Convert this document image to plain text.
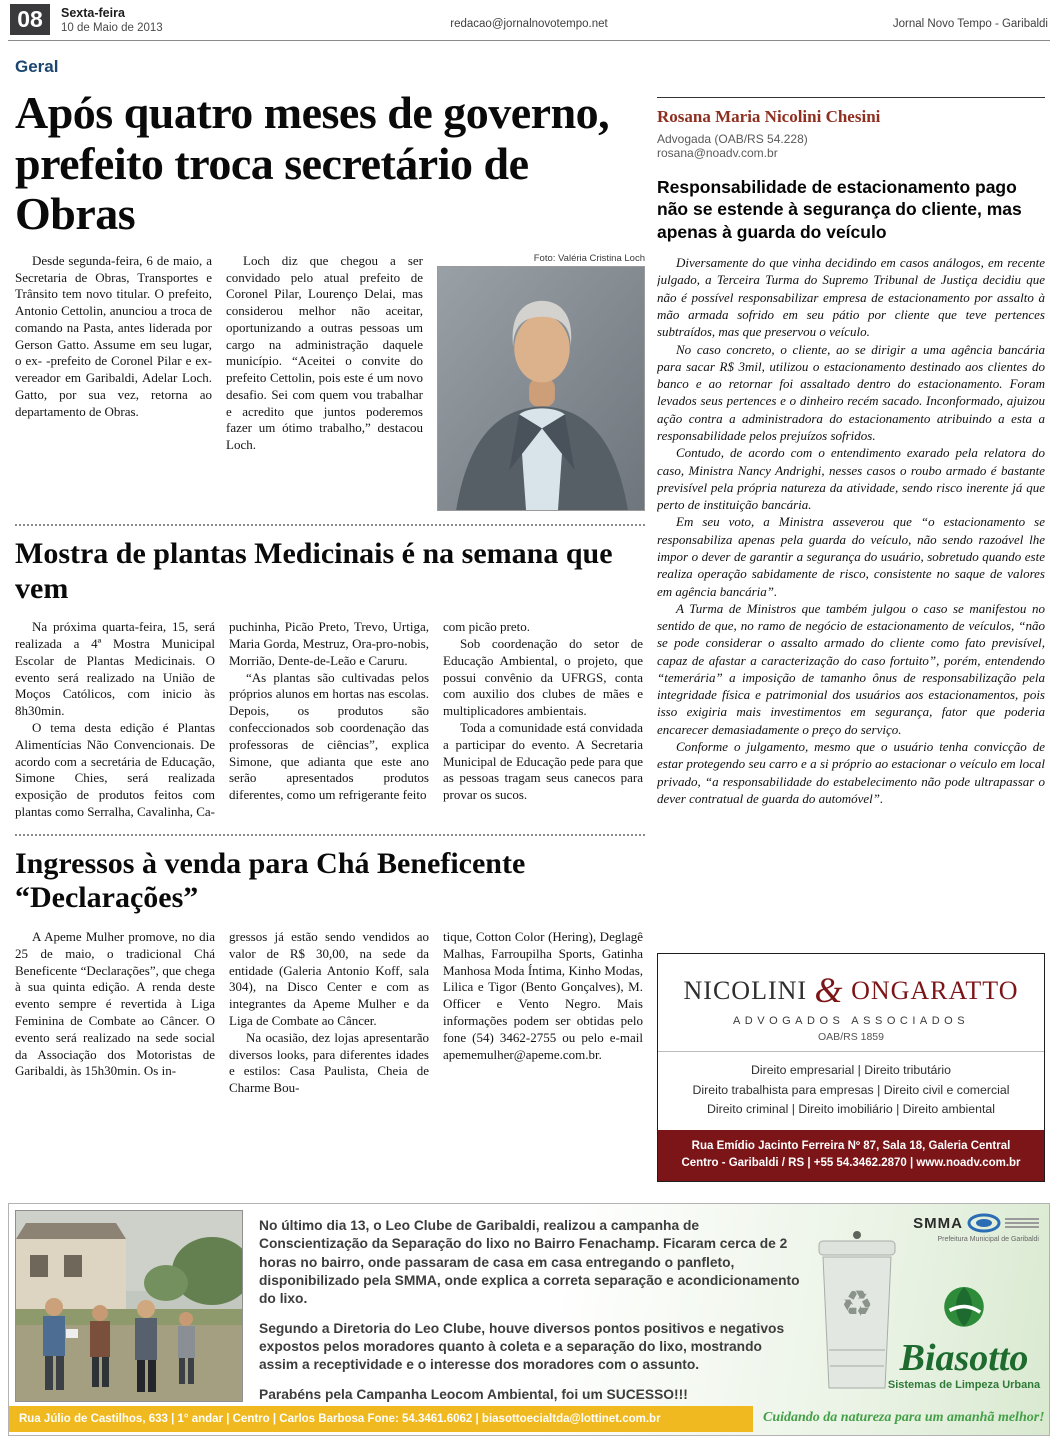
08	Sexta-feira
10 de Maio de 2013	redacao@jornalnovotempo.net	Jornal Novo Tempo - Garibaldi
Geral
Após quatro meses de governo, prefeito troca secretário de Obras

Desde segunda-feira, 6 de maio, a Secretaria de Obras, Transportes e Trânsito tem novo titular. O prefeito, Antonio Cettolin, anunciou a troca de comando na Pasta, antes liderada por Gerson Gatto. Assume em seu lugar, o ex- -prefeito de Coronel Pilar e ex-vereador em Garibaldi, Adelar Loch. Gatto, por sua vez, retorna ao departamento de Obras.

Loch diz que chegou a ser convidado pelo atual prefeito de Coronel Pilar, Lourenço Delai, mas considerou melhor não aceitar, oportunizando a outras pessoas um cargo na administração daquele município. “Aceitei o convite do prefeito Cettolin, pois este é um novo desafio. Sei com quem vou trabalhar e acredito que juntos poderemos fazer um ótimo trabalho,” destacou Loch.

Foto: Valéria Cristina Loch
Mostra de plantas Medicinais é na semana que vem

Na próxima quarta-feira, 15, será realizada a 4ª Mostra Municipal Escolar de Plantas Medicinais. O evento será realizado na União de Moços Católicos, com inicio às 8h30min.

O tema desta edição é Plantas Alimentícias Não Convencionais. De acordo com a secretária de Educação, Simone Chies, será realizada exposição de produtos feitos com plantas como Serralha, Cavalinha, Ca-

puchinha, Picão Preto, Trevo, Urtiga, Maria Gorda, Mestruz, Ora-pro-nobis, Morrião, Dente-de-Leão e Caruru.

“As plantas são cultivadas pelos próprios alunos em hortas nas escolas. Depois, os produtos são confeccionados sob coordenação das professoras de ciências”, explica Simone, que adianta que este ano serão apresentados produtos diferentes, como um refrigerante feito

com picão preto.

Sob coordenação do setor de Educação Ambiental, o projeto, que possui convênio da UFRGS, conta com auxilio dos clubes de mães e multiplicadores ambientais.

Toda a comunidade está convidada a participar do evento. A Secretaria Municipal de Educação pede para que as pessoas tragam seus canecos para provar os sucos.

Ingressos à venda para Chá Beneficente “Declarações”

A Apeme Mulher promove, no dia 25 de maio, o tradicional Chá Beneficente “Declarações”, que chega à sua quinta edição. A renda deste evento sempre é revertida à Liga Feminina de Combate ao Câncer. O evento será realizado na sede social da Associação dos Motoristas de Garibaldi, às 15h30min. Os in-

gressos já estão sendo vendidos ao valor de R$ 30,00, na sede da entidade (Galeria Antonio Koff, sala 304), na Disco Center e com as integrantes da Apeme Mulher e da Liga de Combate ao Câncer.

Na ocasião, dez lojas apresentarão diversos looks, para diferentes idades e estilos: Casa Paulista, Cheia de Charme Bou-

tique, Cotton Color (Hering), Deglagê Malhas, Farroupilha Sports, Gatinha Manhosa Moda Íntima, Kinho Modas, Lilica e Tigor (Bento Gonçalves), M. Officer e Vento Negro. Mais informações podem ser obtidas pelo fone (54) 3462-2755 ou pelo e-mail apememulher@apeme.com.br.

Rosana Maria Nicolini Chesini
Advogada (OAB/RS 54.228)
rosana@noadv.com.br
Responsabilidade de estacionamento pago não se estende à segurança do cliente, mas apenas à guarda do veículo

Diversamente do que vinha decidindo em casos análogos, em recente julgado, a Terceira Turma do Supremo Tribunal de Justiça decidiu que não é possível responsabilizar empresa de estacionamento por assalto à mão armada sofrido em seu pátio por cliente que teve pertences subtraídos, mas que preservou o veículo.

No caso concreto, o cliente, ao se dirigir a uma agência bancária para sacar R$ 3mil, utilizou o estacionamento destinado aos clientes do banco e ao retornar foi assaltado dentro do estacionamento. Foram levados seus pertences e o dinheiro recém sacado. Inconformado, ajuizou ação contra a administradora do estacionamento atribuindo a esta a responsabilidade pelos prejuízos sofridos.

Contudo, de acordo com o entendimento exarado pela relatora do caso, Ministra Nancy Andrighi, nesses casos o roubo armado é bastante previsível pela própria natureza da atividade, sendo risco inerente já que perto de instituição bancária.

Em seu voto, a Ministra asseverou que “o estacionamento se responsabiliza apenas pela guarda do veículo, não sendo razoável lhe impor o dever de garantir a segurança do usuário, sobretudo quando este realiza operação sabidamente de risco, consistente no saque de valores em agência bancária”.

A Turma de Ministros que também julgou o caso se manifestou no sentido de que, no ramo de negócio de estacionamento de veículos, “não se pode considerar o assalto armado do cliente como fato previsível, capaz de afastar a caracterização do caso fortuito”, porém, entendendo “temerária” a imposição de tamanho ônus de responsabilização pela integridade física e patrimonial dos usuários aos estacionamentos, pois isso exigiria mais investimentos em segurança, fator que poderia encarecer demasiadamente o preço do serviço.

Conforme o julgamento, mesmo que o usuário tenha convicção de estar protegendo seu carro e a si próprio ao estacionar o veículo em local privado, “a responsabilidade do estabelecimento não pode ultrapassar o dever contratual de guarda do automóvel”.

NICOLINI & ONGARATTO
ADVOGADOS ASSOCIADOS
OAB/RS 1859

Direito empresarial | Direito tributário

Direito trabalhista para empresas | Direito civil e comercial

Direito criminal | Direito imobiliário | Direito ambiental

Rua Emídio Jacinto Ferreira Nº 87, Sala 18, Galeria Central
Centro - Garibaldi / RS | +55 54.3462.2870 | www.noadv.com.br

No último dia 13, o Leo Clube de Garibaldi, realizou a campanha de Conscientização da Separação do lixo no Bairro Fenachamp. Ficaram cerca de 2 horas no bairro, onde passaram de casa em casa entregando o panfleto, disponibilizado pela SMMA, onde explica a correta separação e acondicionamento do lixo.

Segundo a Diretoria do Leo Clube, houve diversos pontos positivos e negativos expostos pelos moradores quanto à coleta e a separação do lixo, mostrando assim a receptividade e o interesse dos moradores com o assunto.

Parabéns pela Campanha Leocom Ambiental, foi um SUCESSO!!!

SMMA
Prefeitura Municipal de Garibaldi
♻
Biasotto
Sistemas de Limpeza Urbana
Rua Júlio de Castilhos, 633 | 1° andar | Centro | Carlos Barbosa Fone: 54.3461.6062 | biasottoecialtda@lottinet.com.br	Cuidando da natureza para um amanhã melhor!
